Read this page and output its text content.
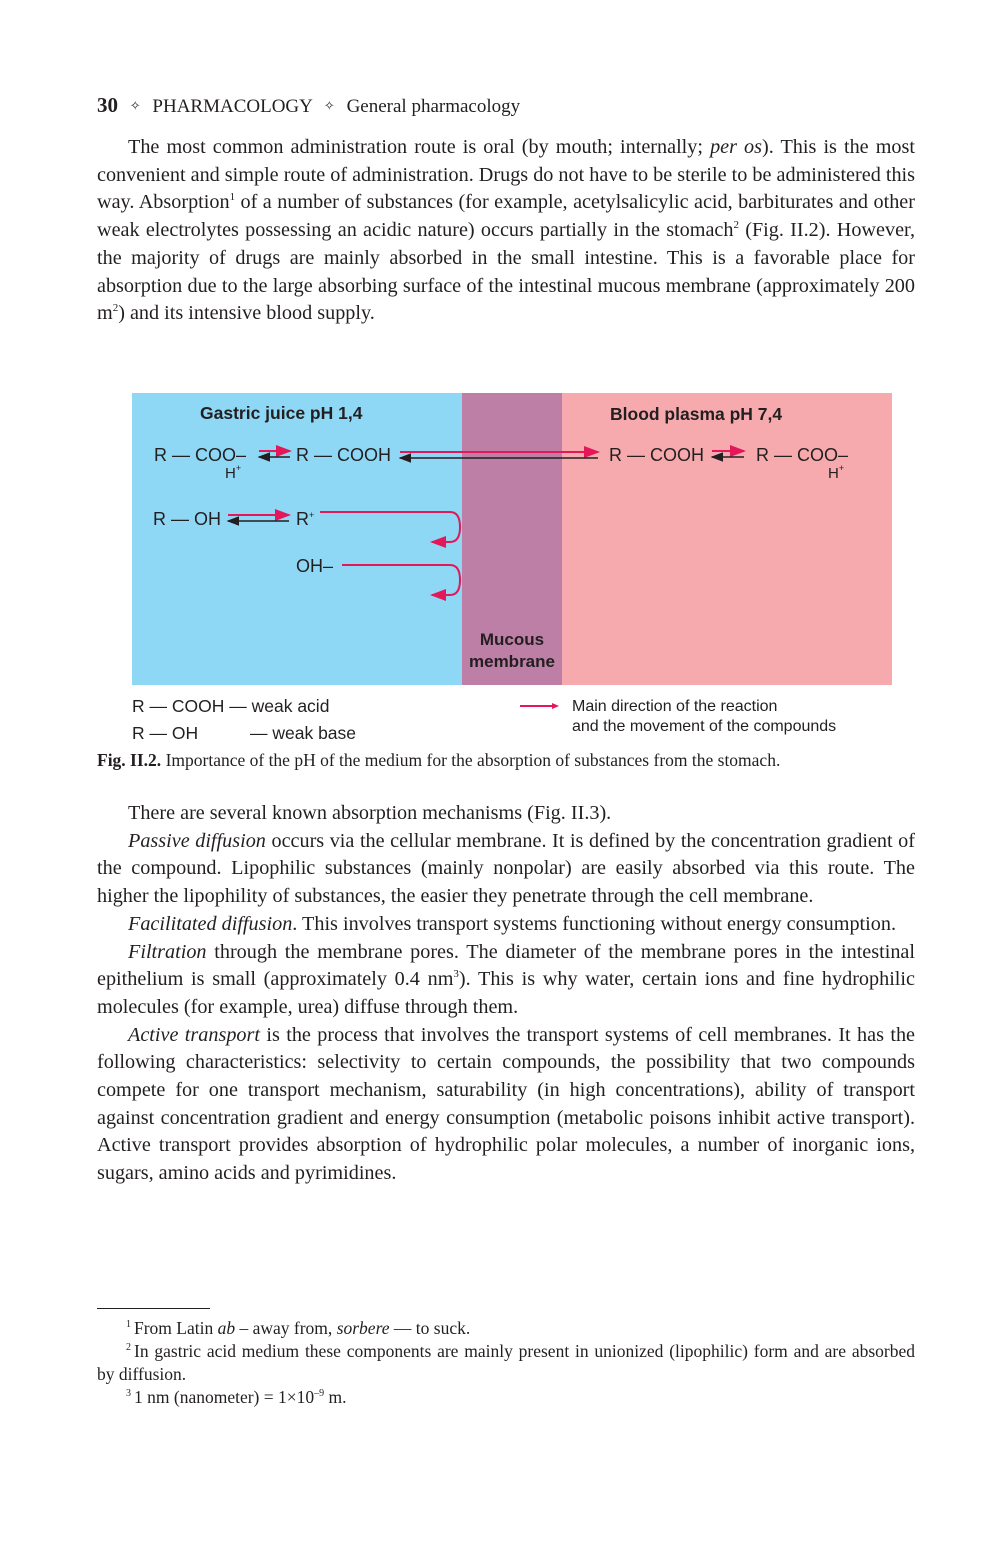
30 ✧ PHARMACOLOGY ✧ General pharmacology

The most common administration route is oral (by mouth; internally; per os). This is the most convenient and simple route of administration. Drugs do not have to be sterile to be administered this way. Absorption$^1$ of a number of substances (for example, acetylsalicylic acid, barbiturates and other weak electrolytes possessing an acidic nature) occurs partially in the stomach$^2$ (Fig. II.2). However, the majority of drugs are mainly absorbed in the small intestine. This is a favorable place for absorption due to the large absorbing surface of the intestinal mucous membrane (approximately 200 $m^2$) and its intensive blood supply.

Gastric juice pH 1,4	Blood plasma pH 7,4
R — COO–
H+
R — COOH
R — OH	R+
OH–
R — COOH	R — COO–
H+
Mucous
membrane
R — COOH — weak acid
R — OH	— weak base
Main direction of the reaction
and the movement of the compounds
Fig. II.2. Importance of the pH of the medium for the absorption of substances from the stomach.

There are several known absorption mechanisms (Fig. II.3).

Passive diffusion occurs via the cellular membrane. It is defined by the concentration gradient of the compound. Lipophilic substances (mainly nonpolar) are easily absorbed via this route. The higher the lipophility of substances, the easier they penetrate through the cell membrane.

Facilitated diffusion. This involves transport systems functioning without energy consumption.

Filtration through the membrane pores. The diameter of the membrane pores in the intestinal epithelium is small (approximately 0.4 $nm^3$). This is why water, certain ions and fine hydrophilic molecules (for example, urea) diffuse through them.

Active transport is the process that involves the transport systems of cell membranes. It has the following characteristics: selectivity to certain compounds, the possibility that two compounds compete for one transport mechanism, saturability (in high concentrations), ability of transport against concentration gradient and energy consumption (metabolic poisons inhibit active transport). Active transport provides absorption of hydrophilic polar molecules, a number of inorganic ions, sugars, amino acids and pyrimidines.

$^1$ From Latin ab – away from, sorbere — to suck.

$^2$ In gastric acid medium these components are mainly present in unionized (lipophilic) form and are absorbed by diffusion.

$^3$ 1 nm (nanometer) = $1\times 10^{-9}$ m.
